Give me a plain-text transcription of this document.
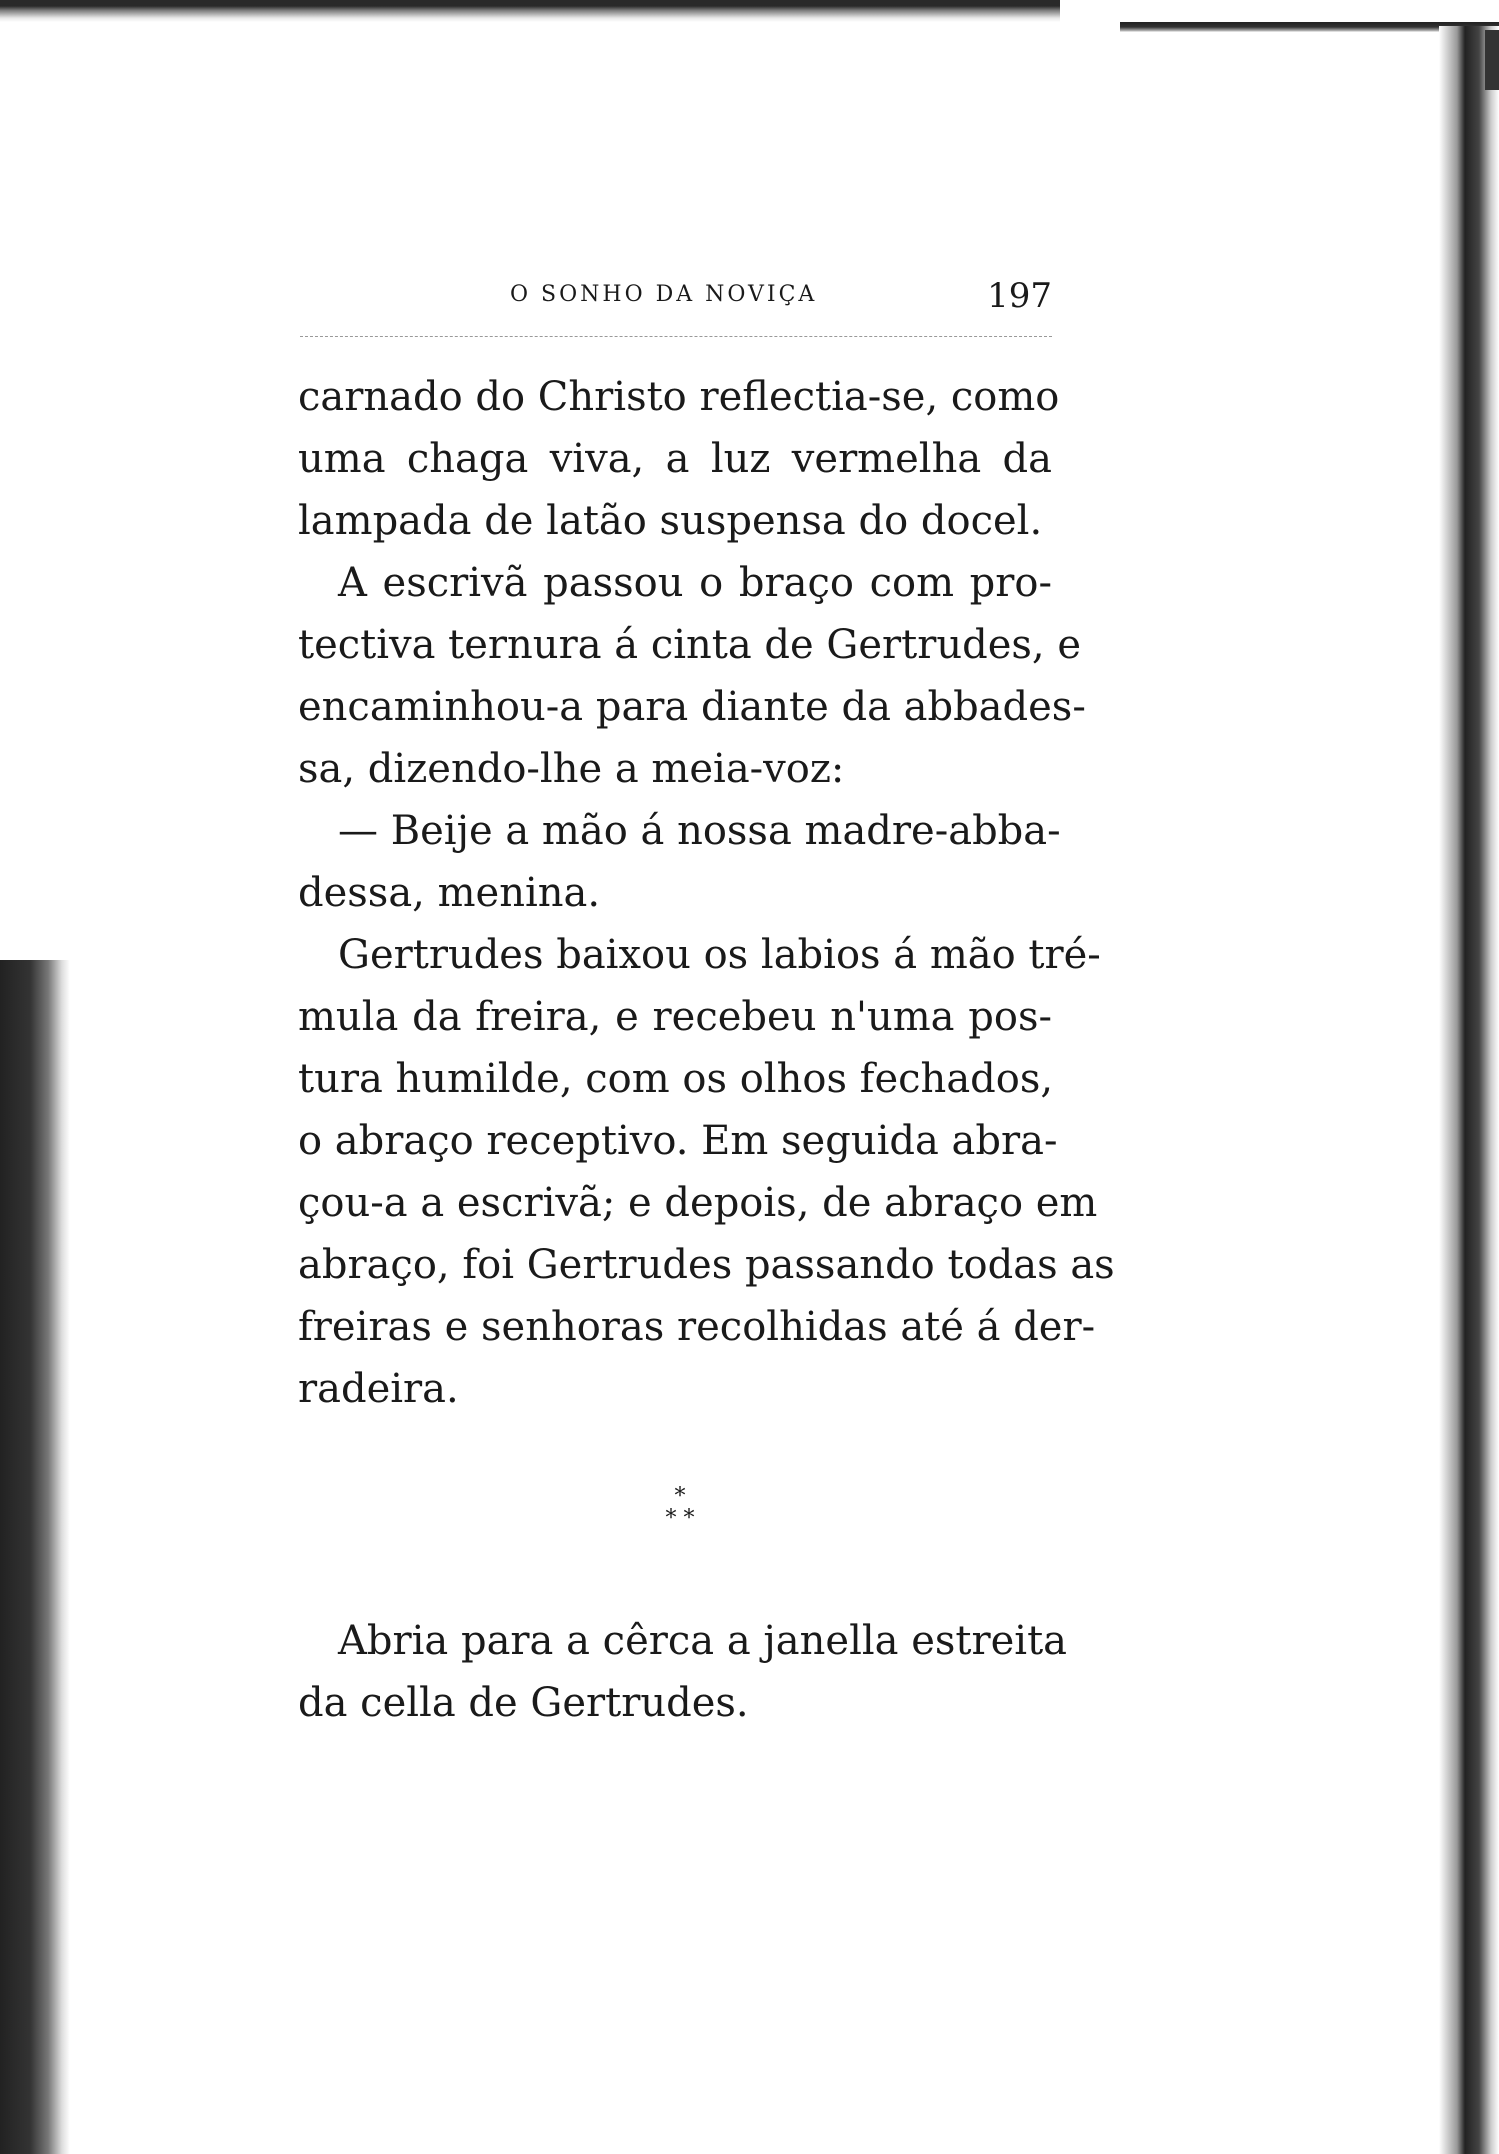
O SONHO DA NOVIÇA	197
carnado do Christo reflectia-se, como
uma chaga viva, a luz vermelha da
lampada de latão suspensa do docel.
A escrivã passou o braço com pro-
tectiva ternura á cinta de Gertrudes, e
encaminhou-a para diante da abbades-
sa, dizendo-lhe a meia-voz:
— Beije a mão á nossa madre-abba-
dessa, menina.
Gertrudes baixou os labios á mão tré-
mula da freira, e recebeu n'uma pos-
tura humilde, com os olhos fechados,
o abraço receptivo. Em seguida abra-
çou-a a escrivã; e depois, de abraço em
abraço, foi Gertrudes passando todas as
freiras e senhoras recolhidas até á der-
radeira.
*
* *
Abria para a cêrca a janella estreita
da cella de Gertrudes.
